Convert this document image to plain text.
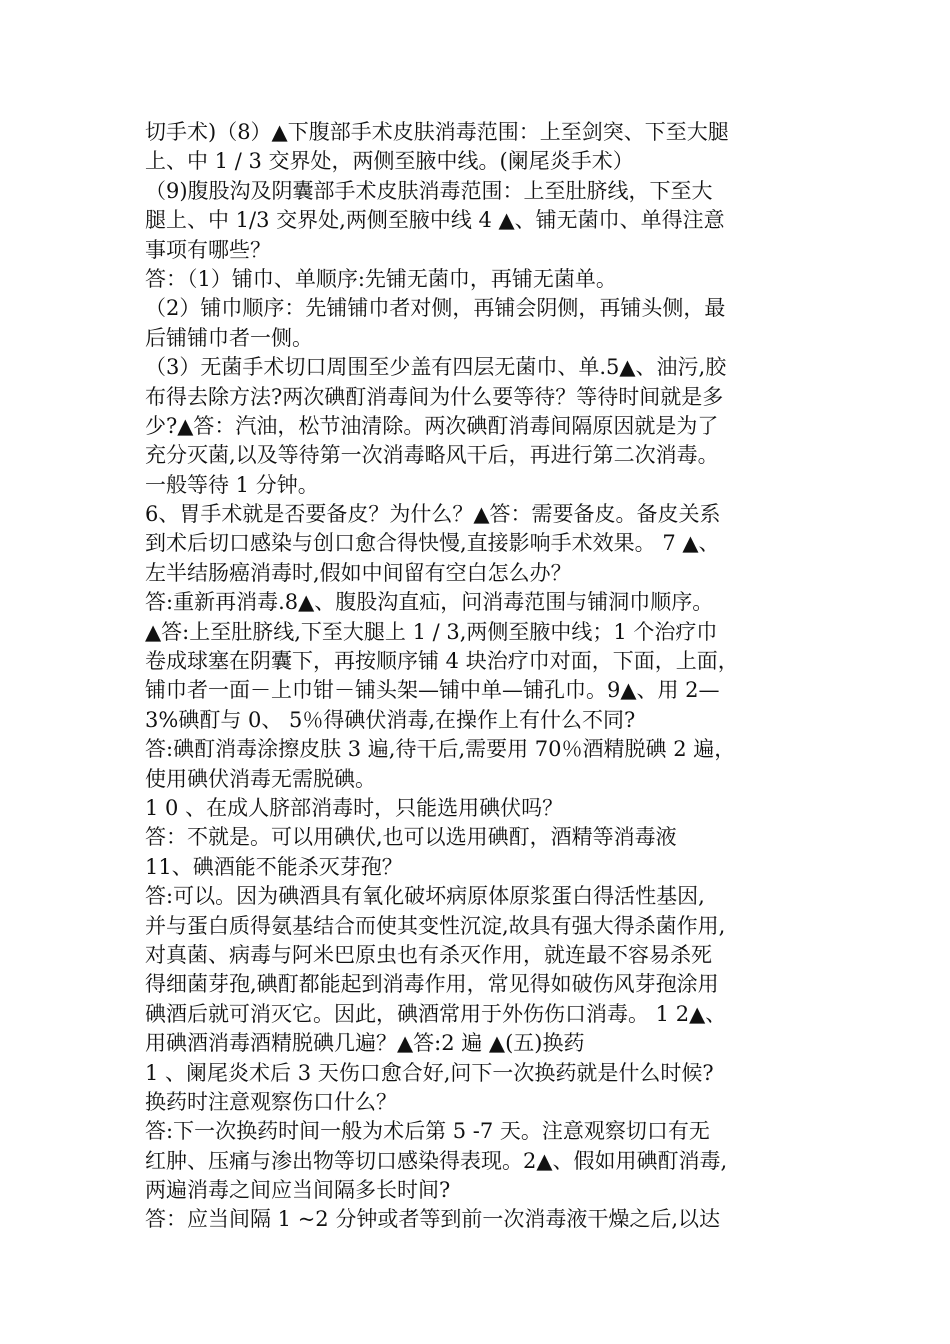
切手术)（8）▲下腹部手术皮肤消毒范围：上至剑突、下至大腿
上、中 1 / 3 交界处，两侧至腋中线。(阑尾炎手术）
（9)腹股沟及阴囊部手术皮肤消毒范围：上至肚脐线，下至大
腿上、中 1/3 交界处,两侧至腋中线 4 ▲、铺无菌巾、单得注意
事项有哪些？
答：（1）铺巾、单顺序:先铺无菌巾，再铺无菌单。
（2）铺巾顺序：先铺铺巾者对侧，再铺会阴侧，再铺头侧，最
后铺铺巾者一侧。
（3）无菌手术切口周围至少盖有四层无菌巾、单.5▲、油污,胶
布得去除方法?两次碘酊消毒间为什么要等待？等待时间就是多
少?▲答：汽油，松节油清除。两次碘酊消毒间隔原因就是为了
充分灭菌,以及等待第一次消毒略风干后，再进行第二次消毒。
一般等待 1 分钟。
6、胃手术就是否要备皮？为什么？▲答：需要备皮。备皮关系
到术后切口感染与创口愈合得快慢,直接影响手术效果。 7 ▲、
左半结肠癌消毒时,假如中间留有空白怎么办？
答:重新再消毒.8▲、腹股沟直疝，问消毒范围与铺洞巾顺序。
▲答:上至肚脐线,下至大腿上 1 / 3,两侧至腋中线；1 个治疗巾
卷成球塞在阴囊下，再按顺序铺 4 块治疗巾对面，下面，上面，
铺巾者一面－上巾钳－铺头架—铺中单—铺孔巾。9▲、用 2—
3%碘酊与 0、 5％得碘伏消毒,在操作上有什么不同?
答:碘酊消毒涂擦皮肤 3 遍,待干后,需要用 70％酒精脱碘 2 遍，
使用碘伏消毒无需脱碘。
1 0 、在成人脐部消毒时，只能选用碘伏吗？
答：不就是。可以用碘伏,也可以选用碘酊，酒精等消毒液
11、碘酒能不能杀灭芽孢？
答:可以。因为碘酒具有氧化破坏病原体原浆蛋白得活性基因,
并与蛋白质得氨基结合而使其变性沉淀,故具有强大得杀菌作用,
对真菌、病毒与阿米巴原虫也有杀灭作用，就连最不容易杀死
得细菌芽孢,碘酊都能起到消毒作用，常见得如破伤风芽孢涂用
碘酒后就可消灭它。因此，碘酒常用于外伤伤口消毒。 1 2▲、
用碘酒消毒酒精脱碘几遍？▲答:2 遍 ▲(五)换药
1 、阑尾炎术后 3 天伤口愈合好,问下一次换药就是什么时候?
换药时注意观察伤口什么？
答:下一次换药时间一般为术后第 5 -7 天。注意观察切口有无
红肿、压痛与渗出物等切口感染得表现。2▲、假如用碘酊消毒,
两遍消毒之间应当间隔多长时间?
答：应当间隔 1 ~2 分钟或者等到前一次消毒液干燥之后,以达
